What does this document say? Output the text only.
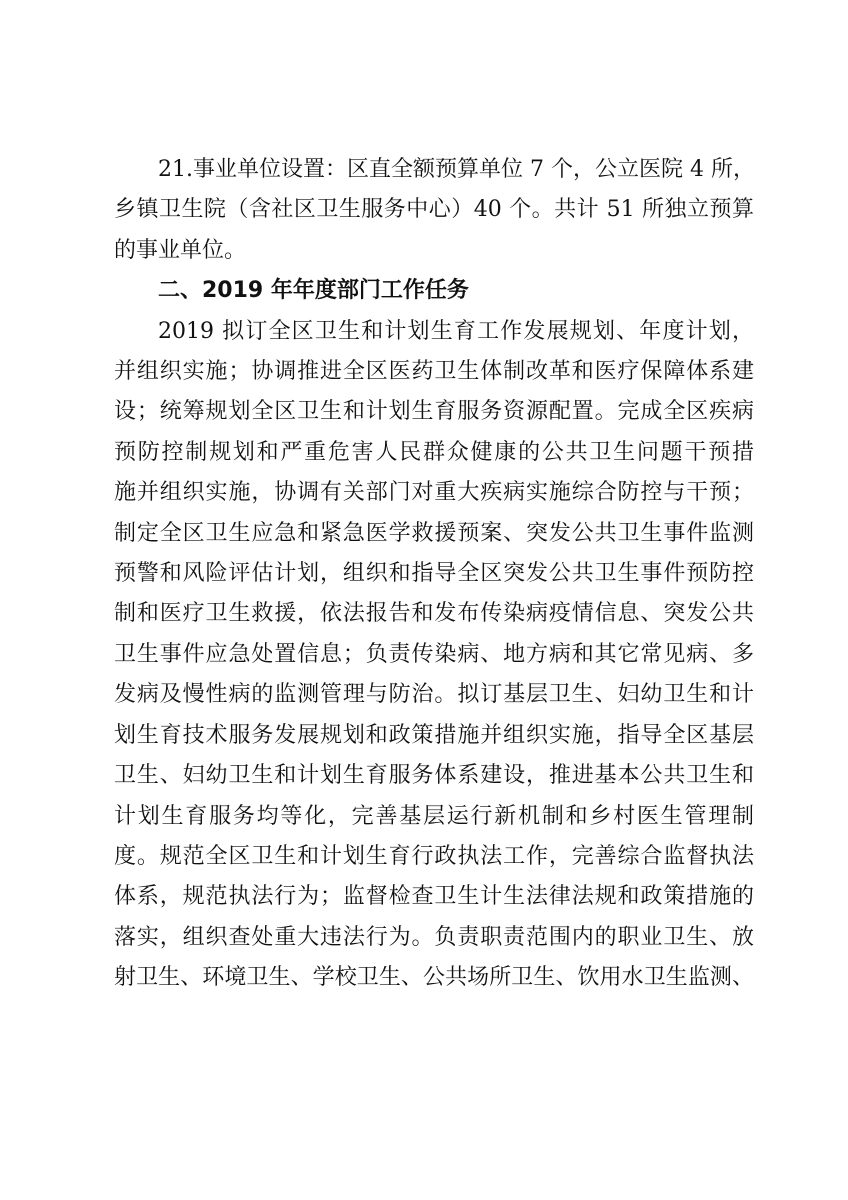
21.事业单位设置：区直全额预算单位 7 个，公立医院 4 所，
乡镇卫生院（含社区卫生服务中心）40 个。共计 51 所独立预算
的事业单位。

二、2019 年年度部门工作任务

2019 拟订全区卫生和计划生育工作发展规划、年度计划，
并组织实施；协调推进全区医药卫生体制改革和医疗保障体系建
设；统筹规划全区卫生和计划生育服务资源配置。完成全区疾病
预防控制规划和严重危害人民群众健康的公共卫生问题干预措
施并组织实施，协调有关部门对重大疾病实施综合防控与干预；
制定全区卫生应急和紧急医学救援预案、突发公共卫生事件监测
预警和风险评估计划，组织和指导全区突发公共卫生事件预防控
制和医疗卫生救援，依法报告和发布传染病疫情信息、突发公共
卫生事件应急处置信息；负责传染病、地方病和其它常见病、多
发病及慢性病的监测管理与防治。拟订基层卫生、妇幼卫生和计
划生育技术服务发展规划和政策措施并组织实施，指导全区基层
卫生、妇幼卫生和计划生育服务体系建设，推进基本公共卫生和
计划生育服务均等化，完善基层运行新机制和乡村医生管理制
度。规范全区卫生和计划生育行政执法工作，完善综合监督执法
体系，规范执法行为；监督检查卫生计生法律法规和政策措施的
落实，组织查处重大违法行为。负责职责范围内的职业卫生、放
射卫生、环境卫生、学校卫生、公共场所卫生、饮用水卫生监测、
